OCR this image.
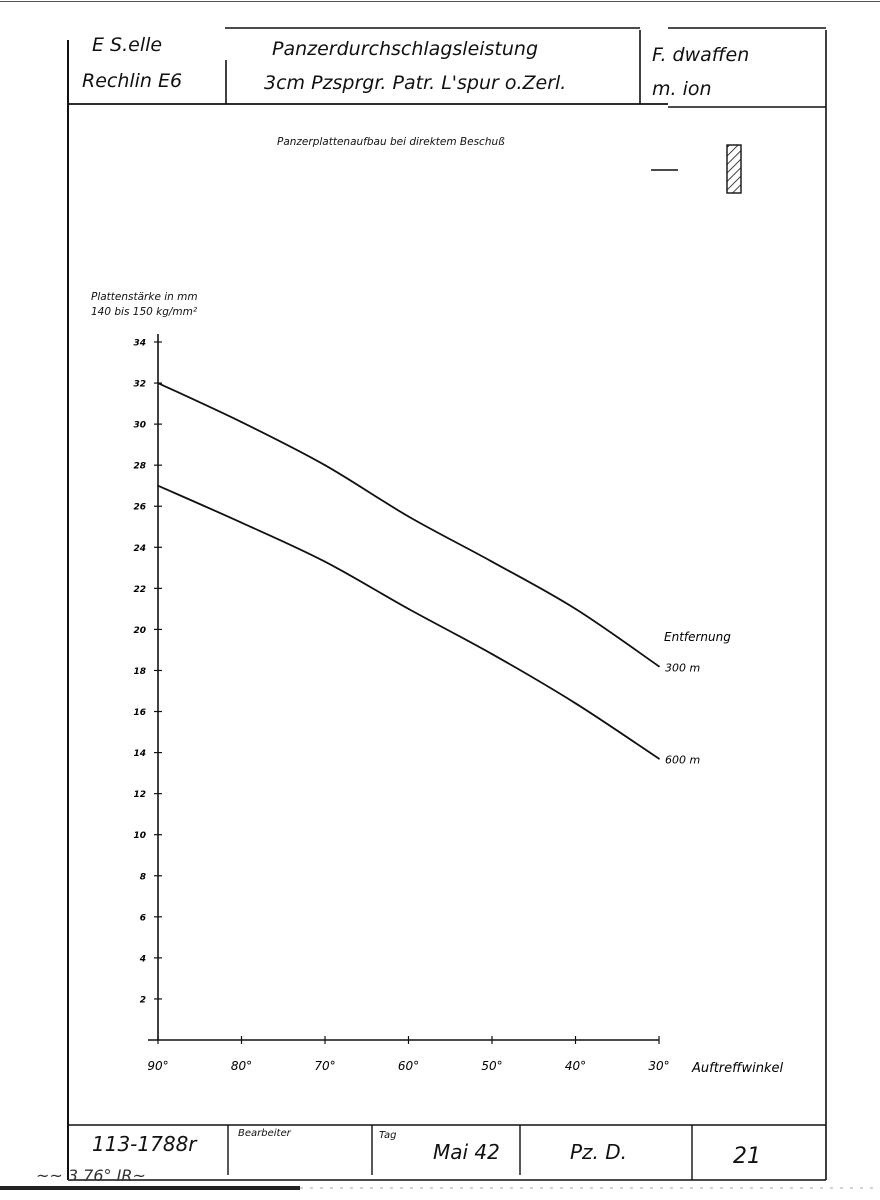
E S.elle
Rechlin E6
Panzerdurchschlagsleistung
3cm Pzsprgr. Patr. L'spur o.Zerl.
F. dwaffen
m. ion
Panzerplattenaufbau bei direktem Beschuß
Plattenstärke in mm
140 bis 150 kg/mm²
2
4
6
8
10
12
14
16
18
20
22
24
26
28
30
32
34
90°	80°	70°	60°	50°	40°	30° Auftreffwinkel
300 m
600 m
Entfernung
113-1788r	Bearbeiter	Tag
Mai 42	Pz. D.	21
~~ 3 76° IR~
